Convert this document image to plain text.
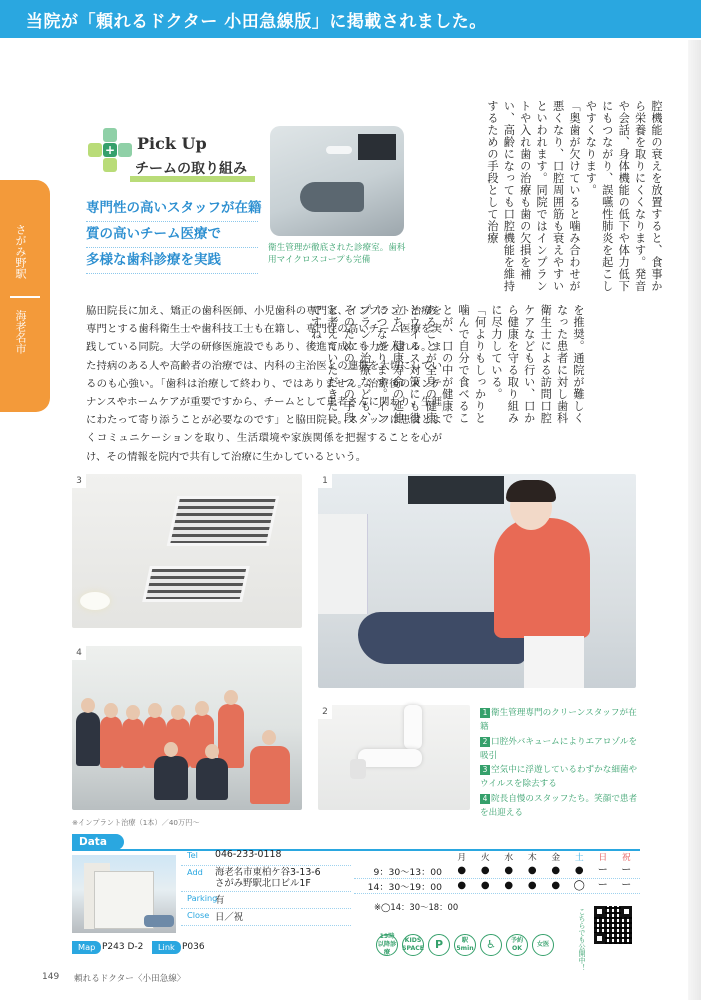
当院が「頼れるドクター 小田急線版」に掲載されました。
さがみ野駅
海老名市

腔機能の衰えを放置すると、食事から栄養を取りにくくなります。発音や会話、身体機能の低下や体力低下にもつながり、誤嚥性肺炎を起こしやすくなります。

「奥歯が欠けていると噛み合わせが悪くなり、口腔周囲筋も衰えやすいといわれます。同院ではインプラントや入れ歯の治療も歯の欠損を補い、高齢になっても口腔機能を維持するための手段として治療

を推奨。通院が難しくなった患者に対し歯科衛生士による訪問口腔ケアなども行い、口から健康を守る取り組みに尽力している。

「何よりもしっかりと噛んで自分で食べることが、口の中が健康であることが全身の健康とウイルス対策にも役立ち、健康寿命の延伸につながります。インプラント治療なども、そのための一つの手段と考えていただきたいですね」

+ Pick Up
チームの取り組み
専門性の高いスタッフが在籍
質の高いチーム医療で
多様な歯科診療を実践
脇田院長に加え、矯正の歯科医師、小児歯科の専門家、インプラント治療を専門とする歯科衛生士や歯科技工士も在籍し、専門性の高いチーム医療を実践している同院。大学の研修医施設でもあり、後進育成にも力を入れる。また持病のある人や高齢者の治療では、内科の主治医との連携を大切にしているのも心強い。「歯科は治療して終わり、ではありません。治療後のメンテナンスやホームケアが重要ですから、チームとして患者さんに関わり、生涯にわたって寄り添うことが必要なのです」と脇田院長。スタッフは患者とよくコミュニケーションを取り、生活環境や家族関係を把握することを心がけ、その情報を院内で共有して治療に生かしているという。
衛生管理が徹底された診療室。歯科用マイクロスコープも完備
3	1
4
2	1 衛生管理専門のクリーンスタッフが在籍
2 口腔外バキュームによりエアロゾルを吸引
3 空気中に浮遊しているわずかな細菌やウイルスを除去する
4 院長自慢のスタッフたち。笑顔で患者を出迎える
※インプラント治療（1本）／40万円～
Data
Tel 046-233-0118
Add 海老名市東柏ケ谷3-13-6
さがみ野駅北口ビル1F
Parking
有
Close 日／祝
月	火	水	木	金	土	日	祝
9：30～13：00	●	●	●	●	●	●	ー	ー
14：30～19：00	●	●	●	●	●	◯	ー	ー
※◯14：30～18：00
19時以降診療
KIDS SPACE P	駅5min	♿	予約OK
女医	こちらでも公開中！
Map P243 D-2	Link P036
149 頼れるドクター〈小田急線〉
